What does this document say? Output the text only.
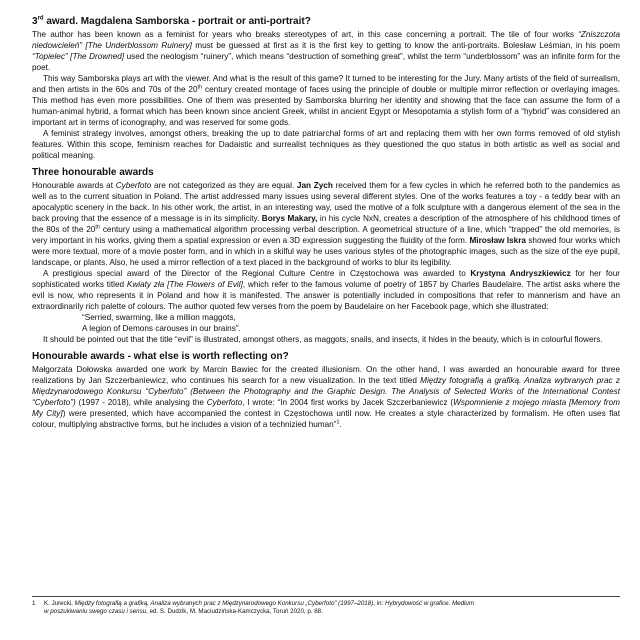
3rd award. Magdalena Samborska - portrait or anti-portrait?

The author has been known as a feminist for years who breaks stereotypes of art, in this case concerning a portrait. The tile of four works “Zniszczota niedowcieleń” [The Underblossom Ruinery] must be guessed at first as it is the first key to getting to know the anti-portraits. Bolesław Leśmian, in his poem “Topielec” [The Drowned] used the neologism “ruinery”, which means “destruction of something great”, whilst the term “underblossom” was an infinite form for the poet.

This way Samborska plays art with the viewer. And what is the result of this game? It turned to be interesting for the Jury. Many artists of the field of surrealism, and then artists in the 60s and 70s of the 20th century created montage of faces using the principle of double or multiple mirror reflection or overlaying images. This method has even more possibilities. One of them was presented by Samborska blurring her identity and showing that the face can assume the form of a human-animal hybrid, a format which has been known since ancient Greek, whilst in ancient Egypt or Mesopotamia a stylish form of a “hybrid” was considered an important art in terms of iconography, and was reserved for some gods.

A feminist strategy involves, amongst others, breaking the up to date patriarchal forms of art and replacing them with her own forms removed of old stylish features. Within this scope, feminism reaches for Dadaistic and surrealist techniques as they questioned the quo status in both artistic as well as social and political meaning.

Three honourable awards

Honourable awards at Cyberfoto are not categorized as they are equal. Jan Zych received them for a few cycles in which he referred both to the pandemics as well as to the current situation in Poland. The artist addressed many issues using several different styles. One of the works features a toy - a teddy bear with an apocalyptic scenery in the back. In his other work, the artist, in an interesting way, used the motive of a folk sculpture with a dangerous element of the sea in the back proving that the essence of a message is in its simplicity. Borys Makary, in his cycle NxN, creates a description of the atmosphere of his childhood times of the 80s of the 20th century using a mathematical algorithm processing verbal description. A geometrical structure of a line, which “trapped” the old memories, is very important in his works, giving them a spatial expression or even a 3D expression suggesting the fluidity of the form. Mirosław Iskra showed four works which were more textual, more of a movie poster form, and in which in a skilful way he uses various styles of the photographic images, such as the size of the eye pupil, landscape, or plants. Also, he used a mirror reflection of a text placed in the background of works to blur its legibility.

A prestigious special award of the Director of the Regional Culture Centre in Częstochowa was awarded to Krystyna Andryszkiewicz for her four sophisticated works titled Kwiaty zła [The Flowers of Evil], which refer to the famous volume of poetry of 1857 by Charles Baudelaire. The artist asks where the evil is now, who represents it in Poland and how it is manifested. The answer is potentially included in compositions that refer to mannerism and have an extraordinarily rich palette of colours. The author quoted few verses from the poem by Baudelaire on her Facebook page, which she illustrated:

“Serried, swarming, like a million maggots,

A legion of Demons carouses in our brains”.

It should be pointed out that the title “evil” is illustrated, amongst others, as maggots, snails, and insects, it hides in the beauty, which is in colourful flowers.

Honourable awards - what else is worth reflecting on?

Małgorzata Dołowska awarded one work by Marcin Bawiec for the created illusionism. On the other hand, I was awarded an honourable award for three realizations by Jan Szczerbaniewicz, who continues his search for a new visualization. In the text titled Między fotografią a grafiką. Analiza wybranych prac z Międzynarodowego Konkursu “Cyberfoto” (Between the Photography and the Graphic Design. The Analysis of Selected Works of the International Contest “Cyberfoto”) (1997 - 2018), while analysing the Cyberfoto, I wrote: “In 2004 first works by Jacek Szczerbaniewicz (Wspomnienie z mojego miasta [Memory from My City]) were presented, which have accompanied the contest in Częstochowa until now. He creates a style characterized by formalism. He often uses flat colour, multiplying abstractive forms, but he includes a vision of a technizied human”$^1$.

1 K. Jurecki, Między fotografią a grafiką, Analiza wybranych prac z Międzynarodowego Konkursu „Cyberfoto” (1997–2018), in: Hybrydowość w grafice. Medium

w poszukiwaniu swego czasu i sensu, ed. S. Dudzik, M. Maciudzińska-Kamczycka, Toruń 2020, p. 88.
